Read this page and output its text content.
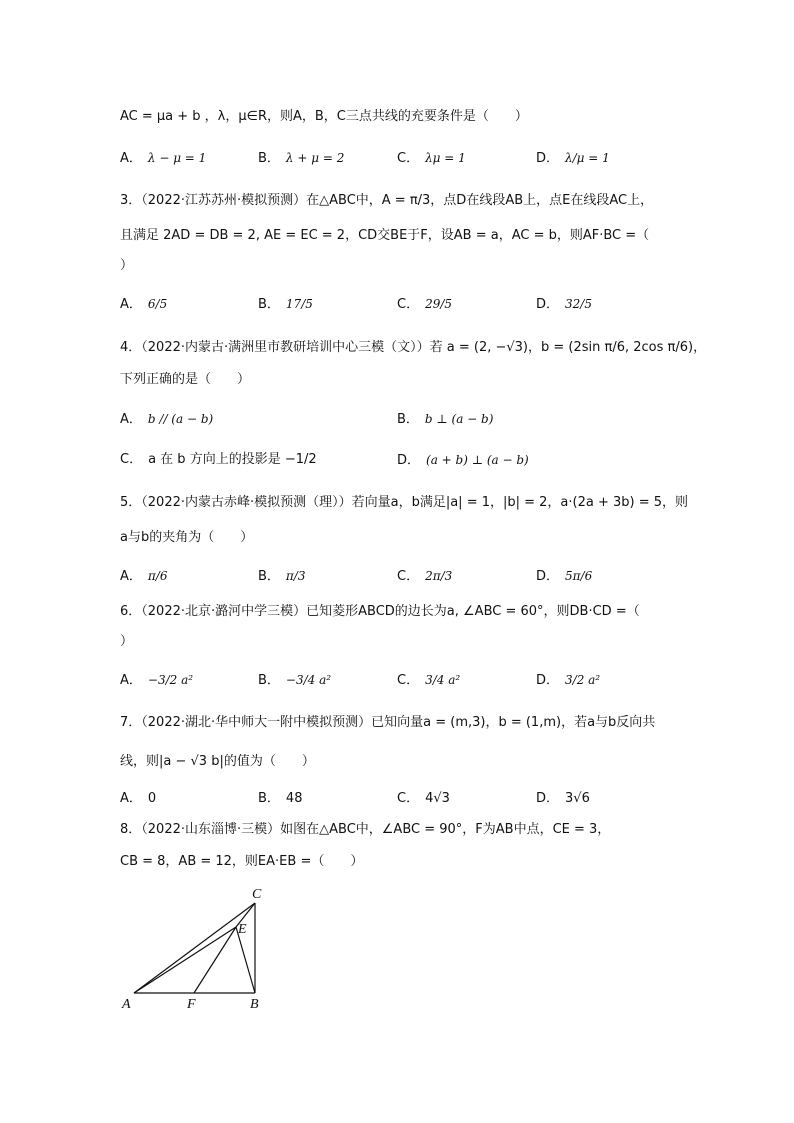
AC = μa + b ，λ，μ∈R，则A，B，C三点共线的充要条件是（　　）
A． λ − μ = 1	B． λ + μ = 2	C． λμ = 1	D． λ/μ = 1
3．（2022·江苏苏州·模拟预测）在△ABC中，A = π/3，点D在线段AB上，点E在线段AC上，
且满足 2AD = DB = 2, AE = EC = 2，CD交BE于F，设AB = a，AC = b，则AF·BC =（
）
A． 6/5	B． 17/5	C． 29/5	D． 32/5
4．（2022·内蒙古·满洲里市教研培训中心三模（文））若 a = (2, −√3)，b = (2sin π/6, 2cos π/6)，
下列正确的是（　　）
A． b // (a − b)	B． b ⊥ (a − b)
C． a 在 b 方向上的投影是 −1/2	D． (a + b) ⊥ (a − b)
5．（2022·内蒙古赤峰·模拟预测（理））若向量a，b满足|a| = 1，|b| = 2，a·(2a + 3b) = 5，则
a与b的夹角为（　　）
A． π/6	B． π/3	C． 2π/3	D． 5π/6
6．（2022·北京·潞河中学三模）已知菱形ABCD的边长为a, ∠ABC = 60°，则DB·CD =（
）
A． −3/2 a²	B． −3/4 a²	C． 3/4 a²	D． 3/2 a²
7．（2022·湖北·华中师大一附中模拟预测）已知向量a = (m,3)，b = (1,m)，若a与b反向共
线，则|a − √3 b|的值为（　　）
A． 0	B． 48	C． 4√3	D． 3√6
8．（2022·山东淄博·三模）如图在△ABC中，∠ABC = 90°，F为AB中点，CE = 3，
CB = 8，AB = 12，则EA·EB =（　　）
A	B
C
E
F
